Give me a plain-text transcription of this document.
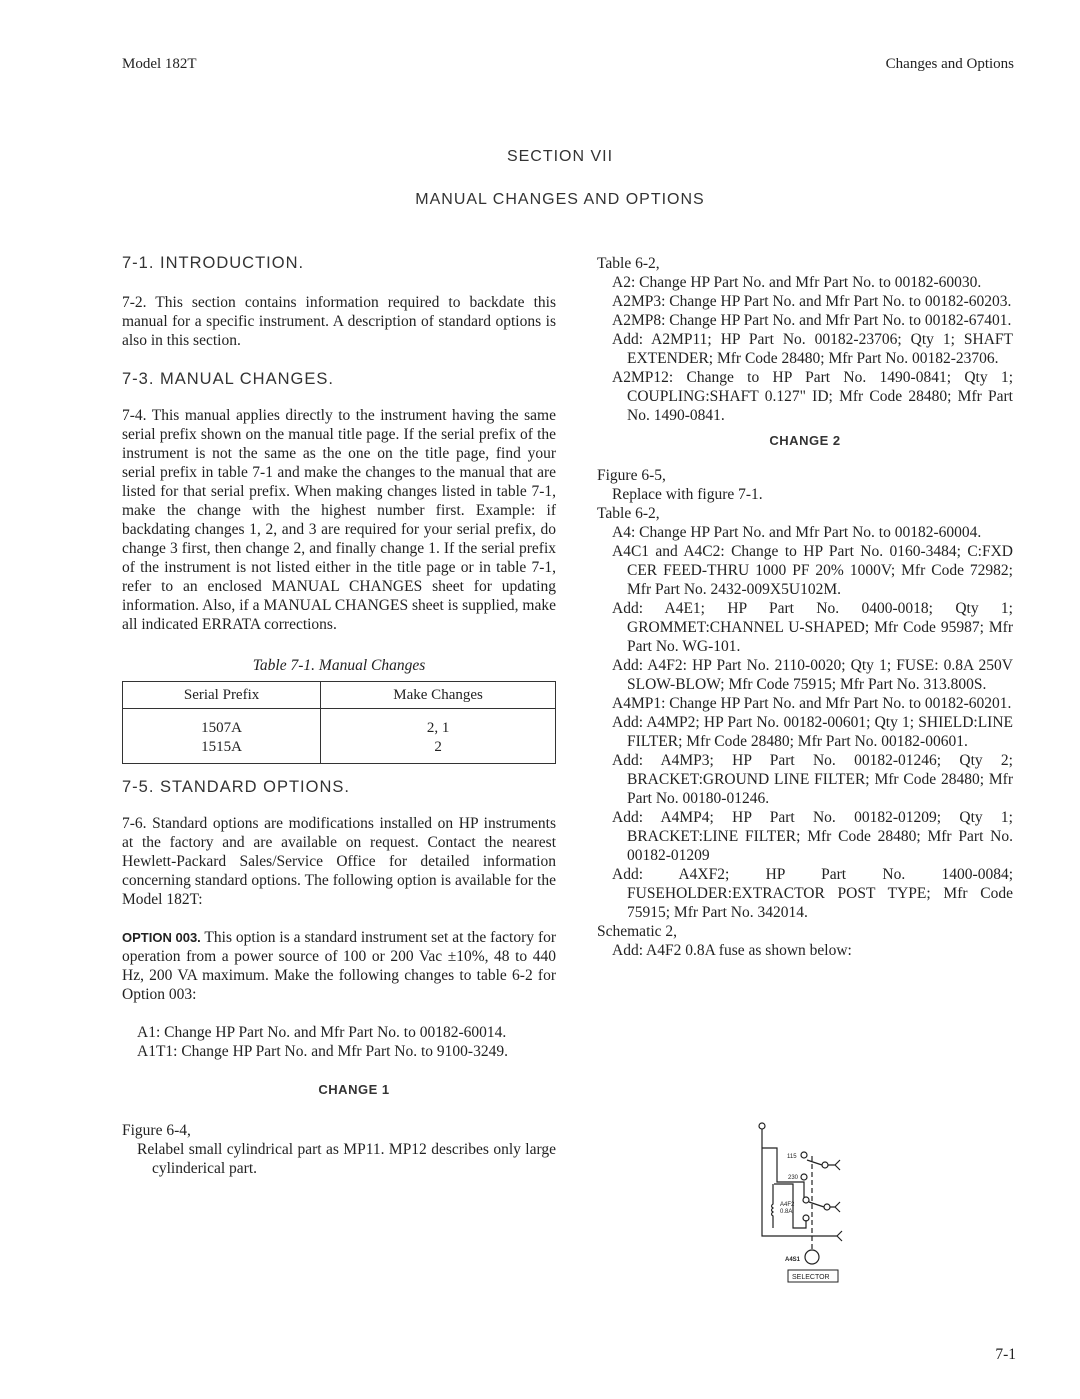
Model 182T	Changes and Options
SECTION VII
MANUAL CHANGES AND OPTIONS
7-1. INTRODUCTION.

7-2. This section contains information required to backdate this manual for a specific instrument. A description of standard options is also in this section.

7-3. MANUAL CHANGES.

7-4. This manual applies directly to the instrument having the same serial prefix shown on the manual title page. If the serial prefix of the instrument is not the same as the one on the title page, find your serial prefix in table 7-1 and make the changes to the manual that are listed for that serial prefix. When making changes listed in table 7-1, make the change with the highest number first. Example: if backdating changes 1, 2, and 3 are required for your serial prefix, do change 3 first, then change 2, and finally change 1. If the serial prefix of the instrument is not listed either in the title page or in table 7-1, refer to an enclosed MANUAL CHANGES sheet for updating information. Also, if a MANUAL CHANGES sheet is supplied, make all indicated ERRATA corrections.

Table 7-1. Manual Changes
Serial Prefix	Make Changes
1507A	2, 1
1515A	2
7-5. STANDARD OPTIONS.

7-6. Standard options are modifications installed on HP instruments at the factory and are available on request. Contact the nearest Hewlett-Packard Sales/Service Office for detailed information concerning standard options. The following option is available for the Model 182T:

OPTION 003. This option is a standard instrument set at the factory for operation from a power source of 100 or 200 Vac ±10%, 48 to 440 Hz, 200 VA maximum. Make the following changes to table 6-2 for Option 003:

A1: Change HP Part No. and Mfr Part No. to 00182-60014.
A1T1: Change HP Part No. and Mfr Part No. to 9100-3249.
CHANGE 1
Figure 6-4,
Relabel small cylindrical part as MP11. MP12 describes only large cylinderical part.
Table 6-2,
A2: Change HP Part No. and Mfr Part No. to 00182-60030.
A2MP3: Change HP Part No. and Mfr Part No. to 00182-60203.
A2MP8: Change HP Part No. and Mfr Part No. to 00182-67401.
Add: A2MP11; HP Part No. 00182-23706; Qty 1; SHAFT EXTENDER; Mfr Code 28480; Mfr Part No. 00182-23706.
A2MP12: Change to HP Part No. 1490-0841; Qty 1; COUPLING:SHAFT 0.127" ID; Mfr Code 28480; Mfr Part No. 1490-0841.
CHANGE 2
Figure 6-5,
Replace with figure 7-1.
Table 6-2,
A4: Change HP Part No. and Mfr Part No. to 00182-60004.
A4C1 and A4C2: Change to HP Part No. 0160-3484; C:FXD CER FEED-THRU 1000 PF 20% 1000V; Mfr Code 72982; Mfr Part No. 2432-009X5U102M.
Add: A4E1; HP Part No. 0400-0018; Qty 1; GROMMET:CHANNEL U-SHAPED; Mfr Code 95987; Mfr Part No. WG-101.
Add: A4F2: HP Part No. 2110-0020; Qty 1; FUSE: 0.8A 250V SLOW-BLOW; Mfr Code 75915; Mfr Part No. 313.800S.
A4MP1: Change HP Part No. and Mfr Part No. to 00182-60201.
Add: A4MP2; HP Part No. 00182-00601; Qty 1; SHIELD:LINE FILTER; Mfr Code 28480; Mfr Part No. 00182-00601.
Add: A4MP3; HP Part No. 00182-01246; Qty 2; BRACKET:GROUND LINE FILTER; Mfr Code 28480; Mfr Part No. 00180-01246.
Add: A4MP4; HP Part No. 00182-01209; Qty 1; BRACKET:LINE FILTER; Mfr Code 28480; Mfr Part No. 00182-01209
Add: A4XF2; HP Part No. 1400-0084; FUSEHOLDER:EXTRACTOR POST TYPE; Mfr Code 75915; Mfr Part No. 342014.
Schematic 2,
Add: A4F2 0.8A fuse as shown below:
115
230
A4F2
0.8A
A4S1
SELECTOR
7-1
